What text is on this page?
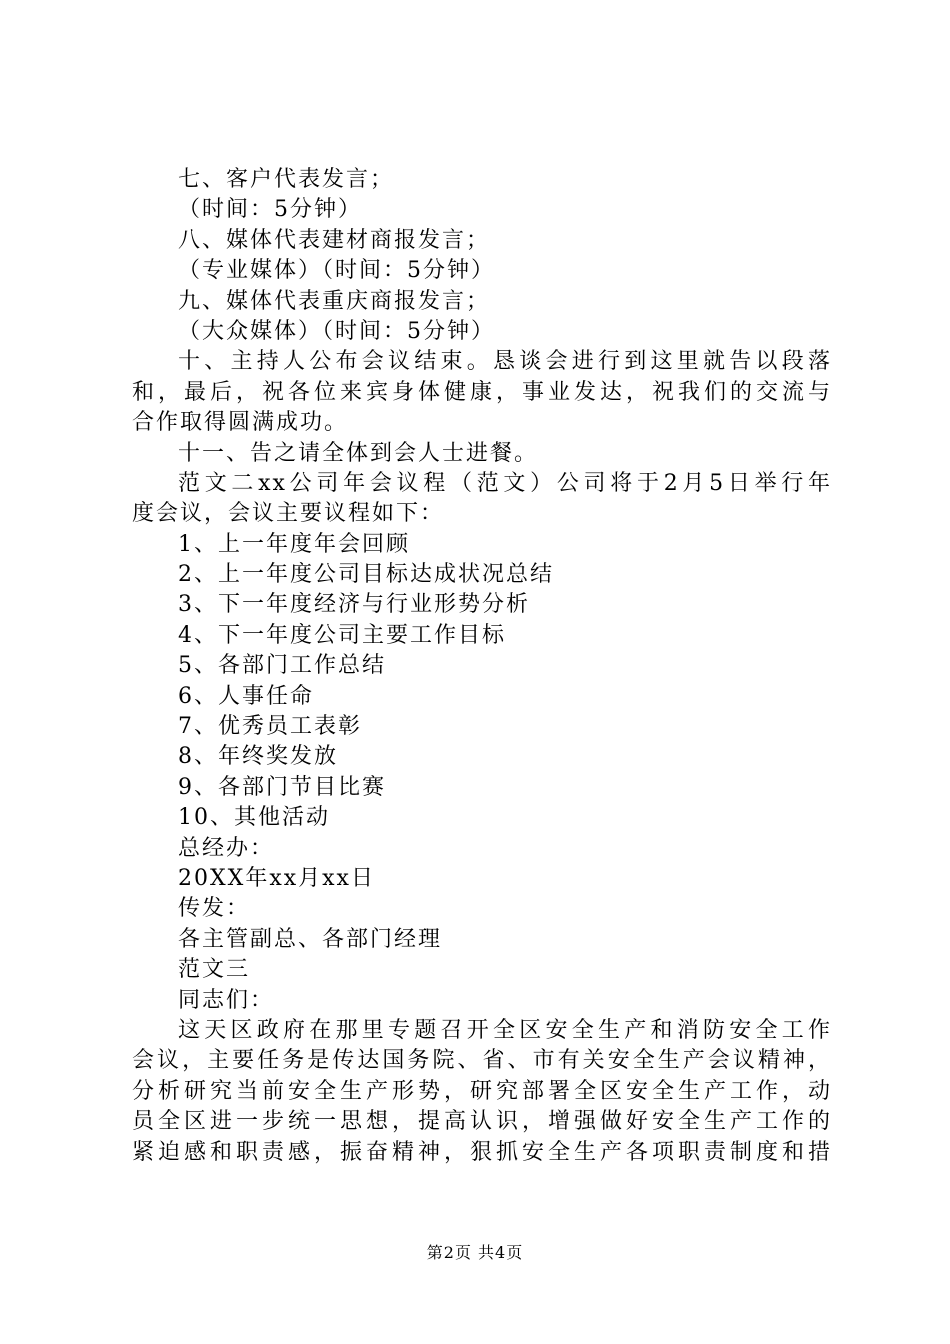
七、客户代表发言；
（时间：5分钟）
八、媒体代表建材商报发言；
（专业媒体）（时间：5分钟）
九、媒体代表重庆商报发言；
（大众媒体）（时间：5分钟）
十、主持人公布会议结束。恳谈会进行到这里就告以段落
和，最后，祝各位来宾身体健康，事业发达，祝我们的交流与
合作取得圆满成功。
十一、告之请全体到会人士进餐。
范文二xx公司年会议程（范文）公司将于2月5日举行年
度会议，会议主要议程如下：
1、上一年度年会回顾
2、上一年度公司目标达成状况总结
3、下一年度经济与行业形势分析
4、下一年度公司主要工作目标
5、各部门工作总结
6、人事任命
7、优秀员工表彰
8、年终奖发放
9、各部门节目比赛
10、其他活动
总经办：
20XX年xx月xx日
传发：
各主管副总、各部门经理
范文三
同志们：
这天区政府在那里专题召开全区安全生产和消防安全工作
会议，主要任务是传达国务院、省、市有关安全生产会议精神，
分析研究当前安全生产形势，研究部署全区安全生产工作，动
员全区进一步统一思想，提高认识，增强做好安全生产工作的
紧迫感和职责感，振奋精神，狠抓安全生产各项职责制度和措
第2页 共4页
